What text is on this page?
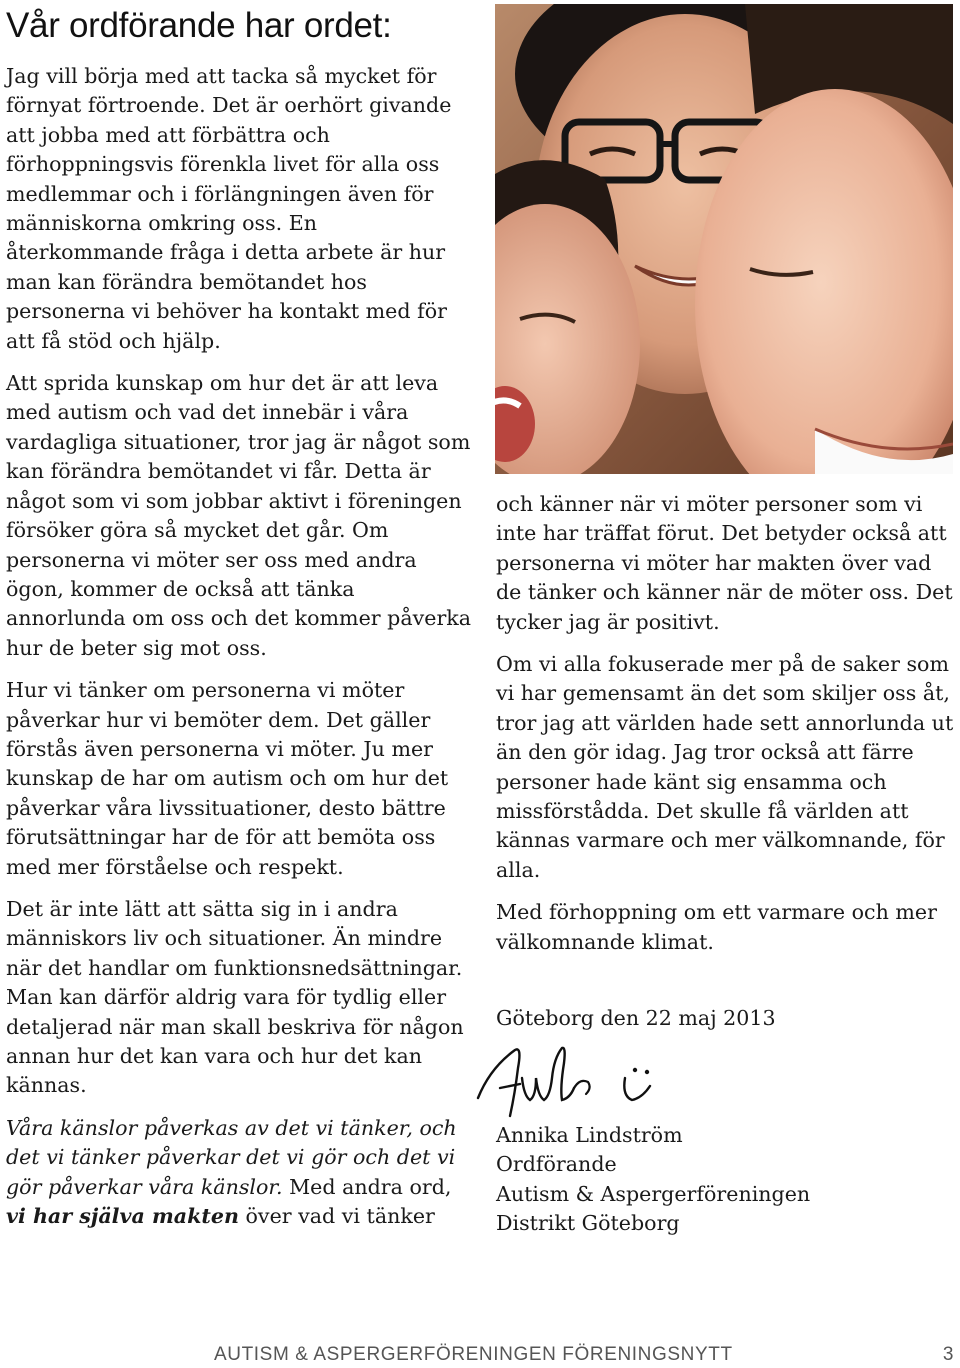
Vår ordförande har ordet:

Jag vill börja med att tacka så mycket för förnyat förtroende. Det är oerhört givande att jobba med att förbättra och förhoppningsvis förenkla livet för alla oss medlemmar och i förlängningen även för människorna omkring oss. En återkommande fråga i detta arbete är hur man kan förändra bemötandet hos personerna vi behöver ha kontakt med för att få stöd och hjälp.

Att sprida kunskap om hur det är att leva med autism och vad det innebär i våra vardagliga situationer, tror jag är något som kan förändra bemötandet vi får. Detta är något som vi som jobbar aktivt i föreningen försöker göra så mycket det går. Om personerna vi möter ser oss med andra ögon, kommer de också att tänka annorlunda om oss och det kommer påverka hur de beter sig mot oss.

Hur vi tänker om personerna vi möter påverkar hur vi bemöter dem. Det gäller förstås även personerna vi möter. Ju mer kunskap de har om autism och om hur det påverkar våra livssituationer, desto bättre förutsättningar har de för att bemöta oss med mer förståelse och respekt.

Det är inte lätt att sätta sig in i andra människors liv och situationer. Än mindre när det handlar om funktionsnedsättningar. Man kan därför aldrig vara för tydlig eller detaljerad när man skall beskriva för någon annan hur det kan vara och hur det kan kännas.

Våra känslor påverkas av det vi tänker, och det vi tänker påverkar det vi gör och det vi gör påverkar våra känslor. Med andra ord, vi har själva makten över vad vi tänker

och känner när vi möter personer som vi inte har träffat förut. Det betyder också att personerna vi möter har makten över vad de tänker och känner när de möter oss. Det tycker jag är positivt.

Om vi alla fokuserade mer på de saker som vi har gemensamt än det som skiljer oss åt, tror jag att världen hade sett annorlunda ut än den gör idag. Jag tror också att färre personer hade känt sig ensamma och missförstådda. Det skulle få världen att kännas varmare och mer välkomnande, för alla.

Med förhoppning om ett varmare och mer välkomnande klimat.

Göteborg den 22 maj 2013

Annika Lindström
Ordförande
Autism & Aspergerföreningen
Distrikt Göteborg
AUTISM & ASPERGERFÖRENINGEN FÖRENINGSNYTT	3
